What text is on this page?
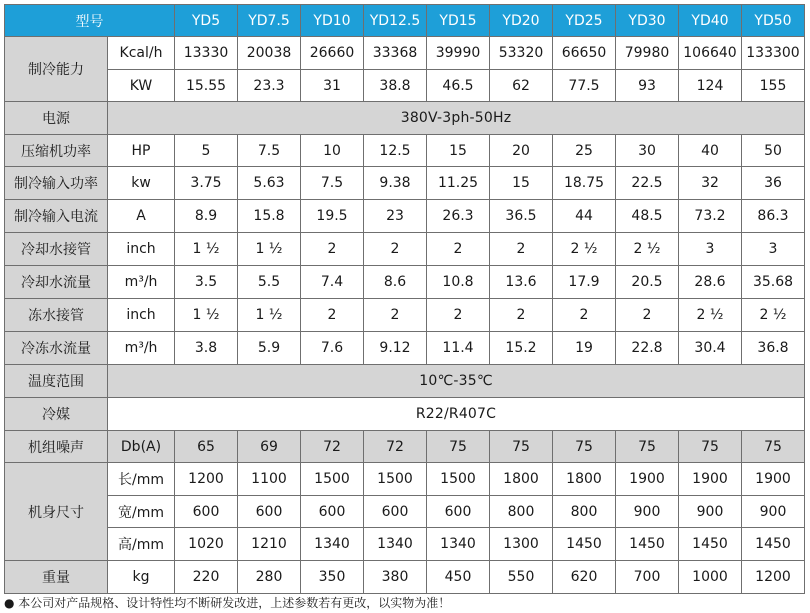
型号		YD5	YD7.5	YD10	YD12.5	YD15	YD20	YD25	YD30	YD40	YD50
制冷能力	Kcal/h	13330	20038	26660	33368	39990	53320	66650	79980	106640	133300
	KW	15.55	23.3	31	38.8	46.5	62	77.5	93	124	155
电源	380V-3ph-50Hz										
压缩机功率	HP	5	7.5	10	12.5	15	20	25	30	40	50
制冷输入功率	kw	3.75	5.63	7.5	9.38	11.25	15	18.75	22.5	32	36
制冷输入电流	A	8.9	15.8	19.5	23	26.3	36.5	44	48.5	73.2	86.3
冷却水接管	inch	1 ½	1 ½	2	2	2	2	2 ½	2 ½	3	3
冷却水流量	m³/h	3.5	5.5	7.4	8.6	10.8	13.6	17.9	20.5	28.6	35.68
冻水接管	inch	1 ½	1 ½	2	2	2	2	2	2	2 ½	2 ½
冷冻水流量	m³/h	3.8	5.9	7.6	9.12	11.4	15.2	19	22.8	30.4	36.8
温度范围	10℃-35℃										
冷媒	R22/R407C										
机组噪声	Db(A)	65	69	72	72	75	75	75	75	75	75
机身尺寸	长/mm	1200	1100	1500	1500	1500	1800	1800	1900	1900	1900
	宽/mm	600	600	600	600	600	800	800	900	900	900
	高/mm	1020	1210	1340	1340	1340	1300	1450	1450	1450	1450
重量	kg	220	280	350	380	450	550	620	700	1000	1200
● 本公司对产品规格、设计特性均不断研发改进，上述参数若有更改，以实物为准！
